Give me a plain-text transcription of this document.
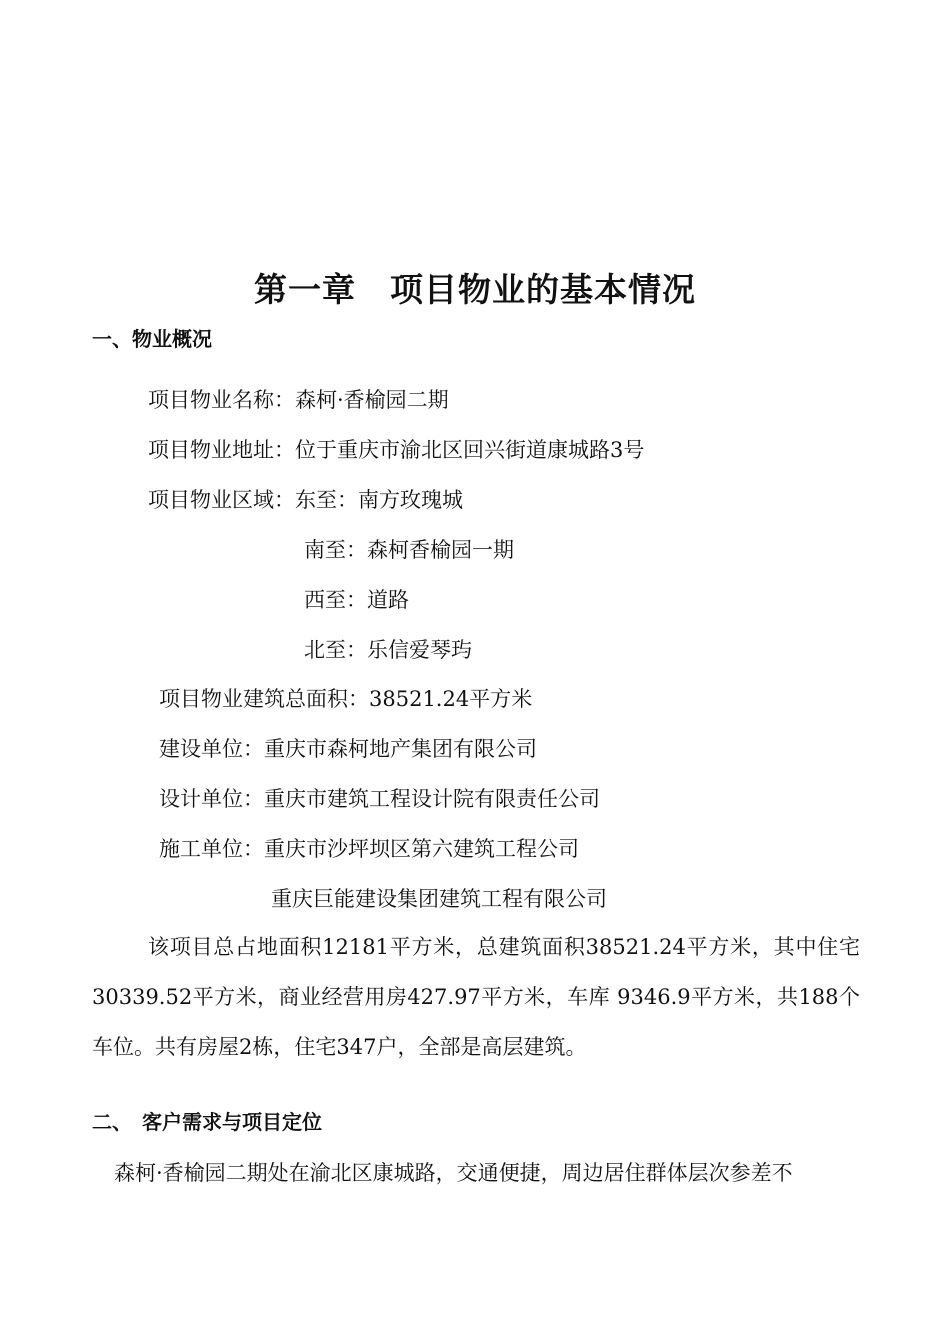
第一章　项目物业的基本情况
一、物业概况
项目物业名称：森柯·香榆园二期
项目物业地址：位于重庆市渝北区回兴街道康城路3号
项目物业区域：东至：南方玫瑰城
南至：森柯香榆园一期
西至：道路
北至：乐信爱琴玙
项目物业建筑总面积：38521.24平方米
建设单位：重庆市森柯地产集团有限公司
设计单位：重庆市建筑工程设计院有限责任公司
施工单位：重庆市沙坪坝区第六建筑工程公司
重庆巨能建设集团建筑工程有限公司
该项目总占地面积12181平方米，总建筑面积38521.24平方米，其中住宅 30339.52平方米，商业经营用房427.97平方米，车库 9346.9平方米，共188个车位。共有房屋2栋，住宅347户，全部是高层建筑。
二、　客户需求与项目定位
森柯·香榆园二期处在渝北区康城路，交通便捷，周边居住群体层次参差不
